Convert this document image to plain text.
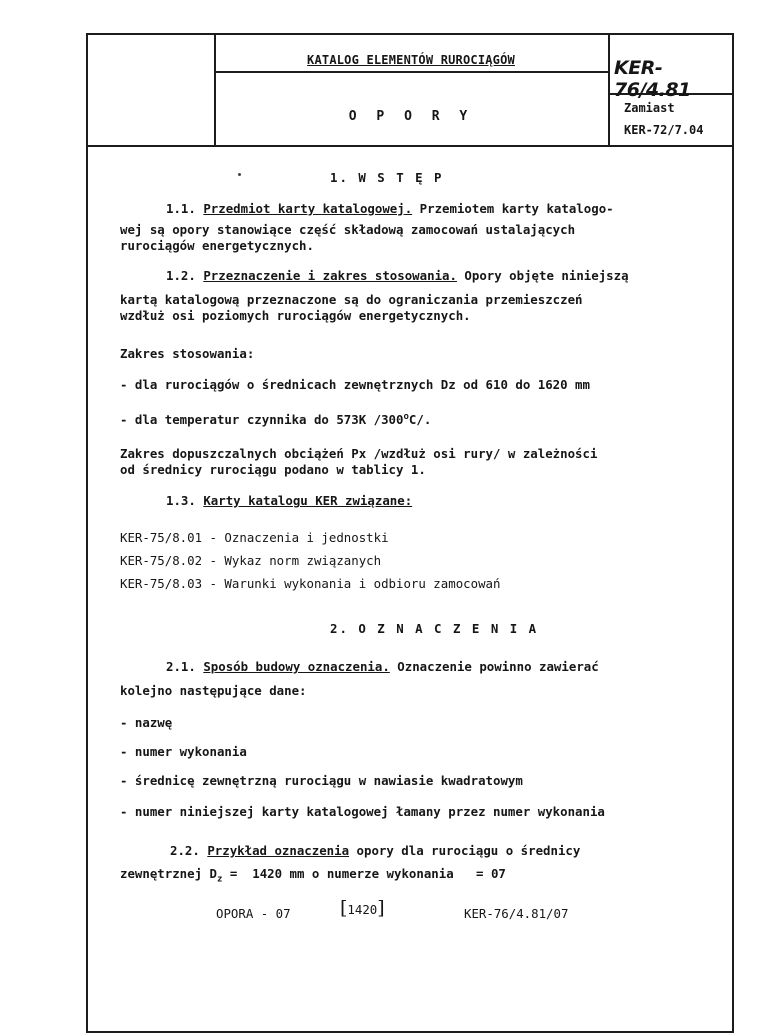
KATALOG ELEMENTÓW RUROCIĄGÓW
O P O R Y
KER-76/4.81
Zamiast
KER-72/7.04
1. W S T Ę P
1.1. Przedmiot karty katalogowej. Przemiotem karty katalogo-
wej są opory stanowiące część składową zamocowań ustalających
rurociągów energetycznych.
1.2. Przeznaczenie i zakres stosowania. Opory objęte niniejszą
kartą katalogową przeznaczone są do ograniczania przemieszczeń
wzdłuż osi poziomych rurociągów energetycznych.
Zakres stosowania:
- dla rurociągów o średnicach zewnętrznych Dz od 610 do 1620 mm
- dla temperatur czynnika do 573K /300$^o$C/.
Zakres dopuszczalnych obciążeń Px /wzdłuż osi rury/ w zależności
od średnicy rurociągu podano w tablicy 1.
1.3. Karty katalogu KER związane:
KER-75/8.01 - Oznaczenia i jednostki
KER-75/8.02 - Wykaz norm związanych
KER-75/8.03 - Warunki wykonania i odbioru zamocowań
2. O Z N A C Z E N I A
2.1. Sposób budowy oznaczenia. Oznaczenie powinno zawierać
kolejno następujące dane:
- nazwę
- numer wykonania
- średnicę zewnętrzną rurociągu w nawiasie kwadratowym
- numer niniejszej karty katalogowej łamany przez numer wykonania
2.2. Przykład oznaczenia opory dla rurociągu o średnicy
zewnętrznej $D_z = 1420$ mm o numerze wykonania   = 07
OPORA - 07	[1420]	KER-76/4.81/07
